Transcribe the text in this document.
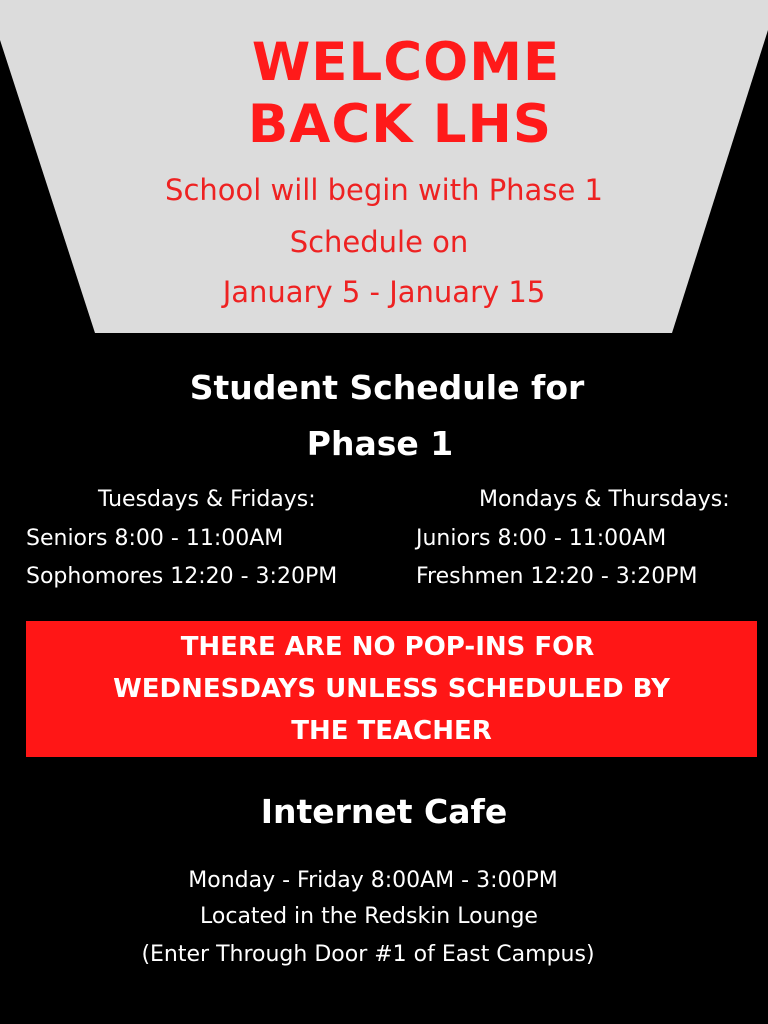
WELCOME
BACK LHS
School will begin with Phase 1
Schedule on
January 5 - January 15
Student Schedule for
Phase 1
Tuesdays & Fridays:	Mondays & Thursdays:
Seniors 8:00 - 11:00AM
Sophomores 12:20 - 3:20PM
Juniors 8:00 - 11:00AM
Freshmen 12:20 - 3:20PM
THERE ARE NO POP-INS FOR
WEDNESDAYS UNLESS SCHEDULED BY
THE TEACHER
Internet Cafe
Monday - Friday 8:00AM - 3:00PM
Located in the Redskin Lounge
(Enter Through Door #1 of East Campus)
